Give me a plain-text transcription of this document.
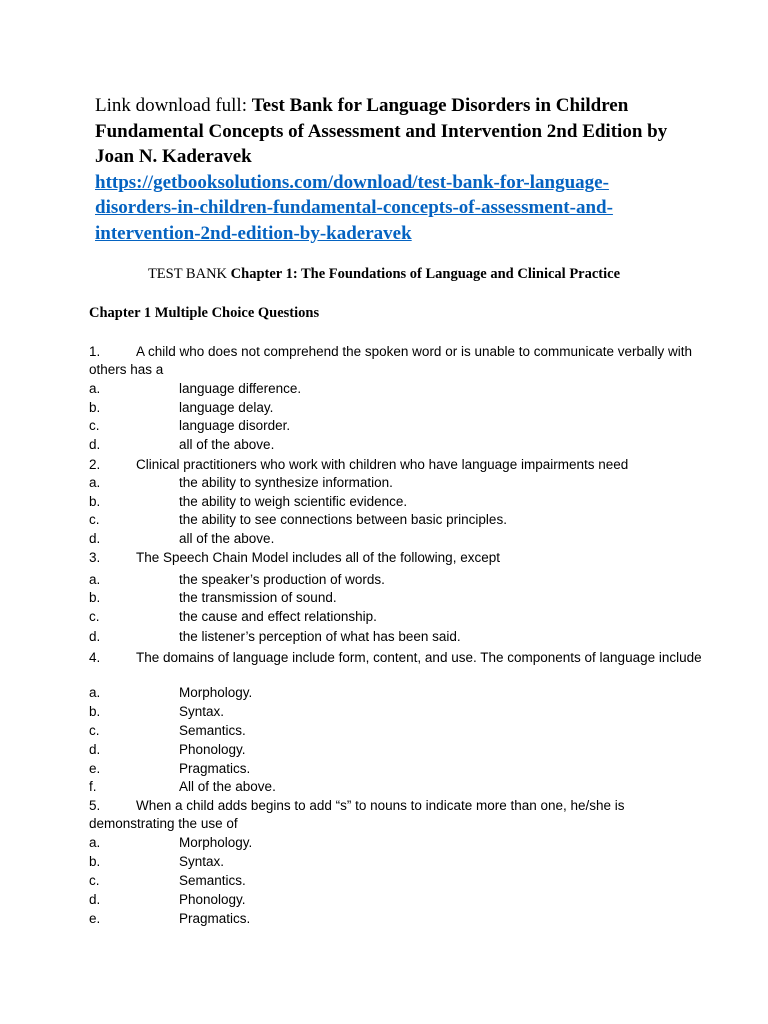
Link download full: Test Bank for Language Disorders in Children Fundamental Concepts of Assessment and Intervention 2nd Edition by Joan N. Kaderavek
https://getbooksolutions.com/download/test-bank-for-language-disorders-in-children-fundamental-concepts-of-assessment-and-intervention-2nd-edition-by-kaderavek
TEST BANK Chapter 1: The Foundations of Language and Clinical Practice
Chapter 1 Multiple Choice Questions
1.	A child who does not comprehend the spoken word or is unable to communicate verbally with others has a
a.	language difference.
b.	language delay.
c.	language disorder.
d.	all of the above.
2.	Clinical practitioners who work with children who have language impairments need
a.	the ability to synthesize information.
b.	the ability to weigh scientific evidence.
c.	the ability to see connections between basic principles.
d.	all of the above.
3.	The Speech Chain Model includes all of the following, except
a.	the speaker’s production of words.
b.	the transmission of sound.
c.	the cause and effect relationship.
d.	the listener’s perception of what has been said.
4.	The domains of language include form, content, and use. The components of language include
a.	Morphology.
b.	Syntax.
c.	Semantics.
d.	Phonology.
e.	Pragmatics.
f.	All of the above.
5.	When a child adds begins to add “s” to nouns to indicate more than one, he/she is demonstrating the use of
a.	Morphology.
b.	Syntax.
c.	Semantics.
d.	Phonology.
e.	Pragmatics.
